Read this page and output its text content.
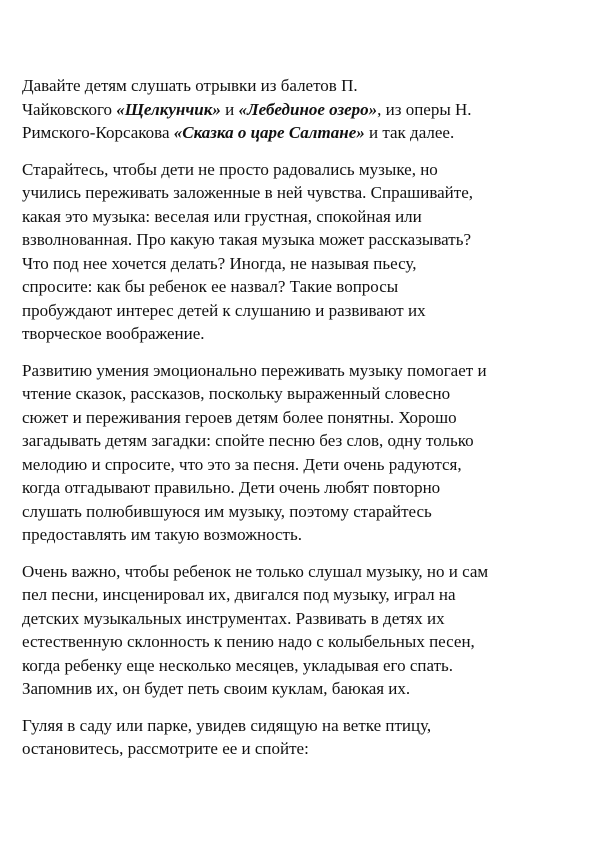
Давайте детям слушать отрывки из балетов П.
Чайковского «Щелкунчик» и «Лебединое озеро», из оперы Н.
Римского-Корсакова «Сказка о царе Салтане» и так далее.
Старайтесь, чтобы дети не просто радовались музыке, но
учились переживать заложенные в ней чувства. Спрашивайте,
какая это музыка: веселая или грустная, спокойная или
взволнованная. Про какую такая музыка может рассказывать?
Что под нее хочется делать? Иногда, не называя пьесу,
спросите: как бы ребенок ее назвал? Такие вопросы
пробуждают интерес детей к слушанию и развивают их
творческое воображение.
Развитию умения эмоционально переживать музыку помогает и
чтение сказок, рассказов, поскольку выраженный словесно
сюжет и переживания героев детям более понятны. Хорошо
загадывать детям загадки: спойте песню без слов, одну только
мелодию и спросите, что это за песня. Дети очень радуются,
когда отгадывают правильно. Дети очень любят повторно
слушать полюбившуюся им музыку, поэтому старайтесь
предоставлять им такую возможность.
Очень важно, чтобы ребенок не только слушал музыку, но и сам
пел песни, инсценировал их, двигался под музыку, играл на
детских музыкальных инструментах. Развивать в детях их
естественную склонность к пению надо с колыбельных песен,
когда ребенку еще несколько месяцев, укладывая его спать.
Запомнив их, он будет петь своим куклам, баюкая их.
Гуляя в саду или парке, увидев сидящую на ветке птицу,
остановитесь, рассмотрите ее и спойте:
